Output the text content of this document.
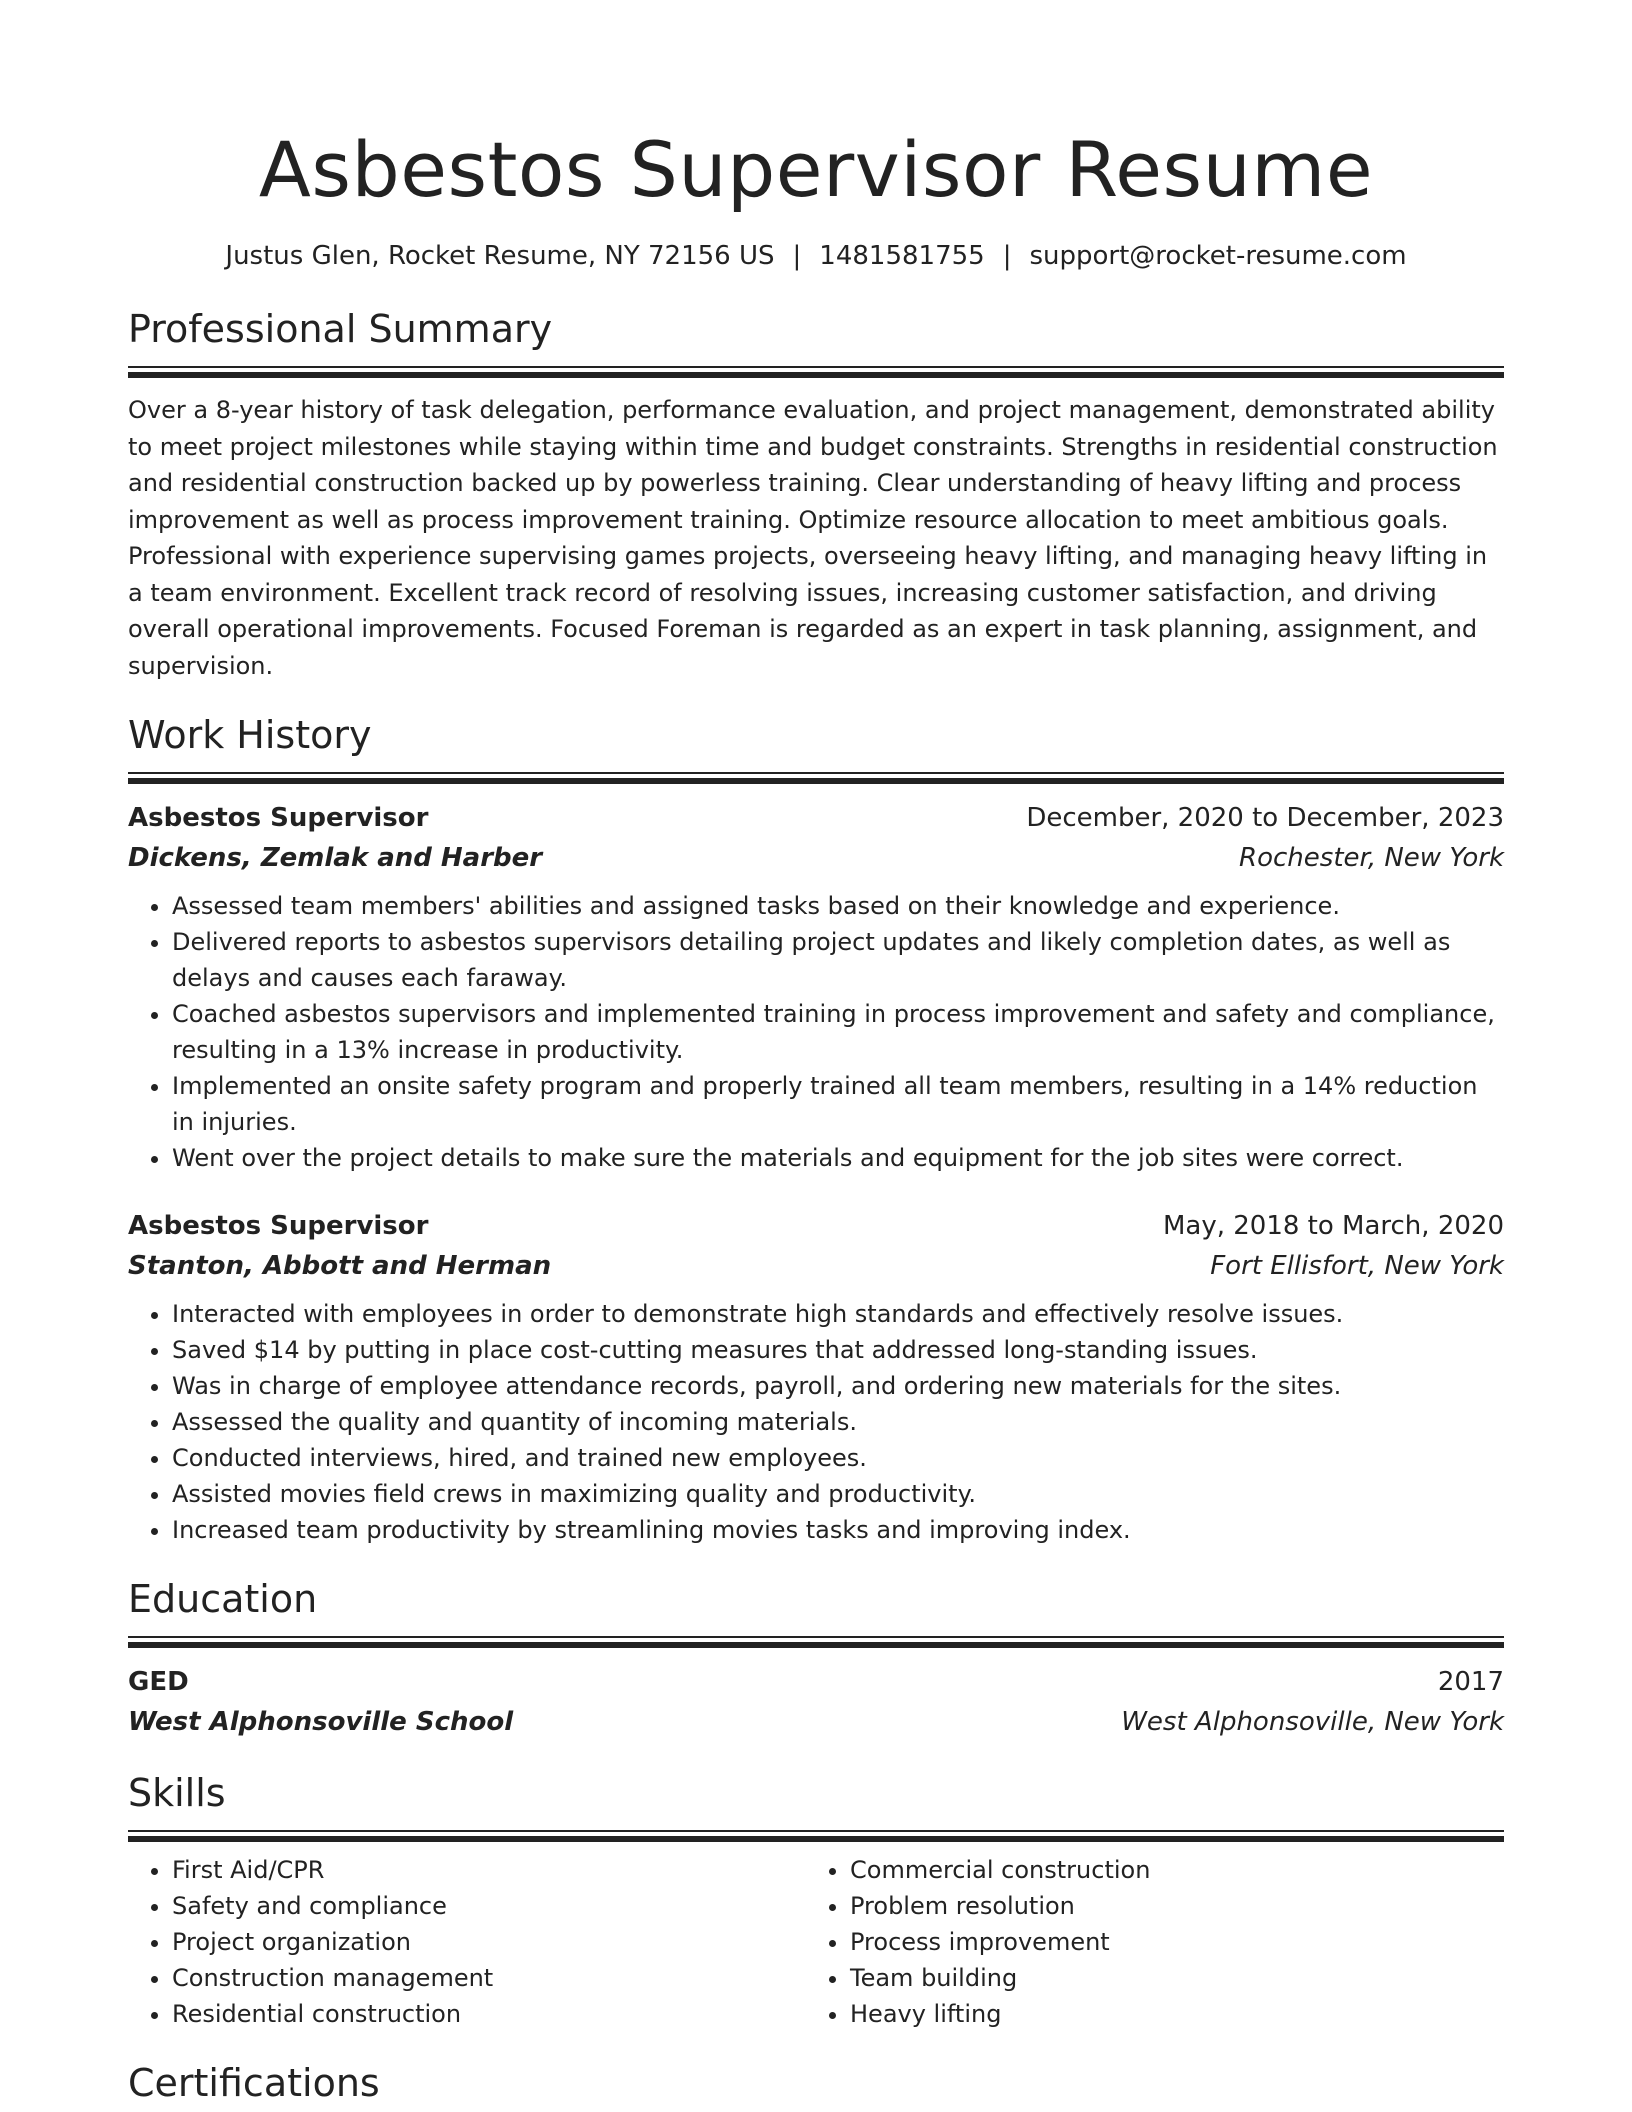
Asbestos Supervisor Resume
Justus Glen, Rocket Resume, NY 72156 US | 1481581755 | support@rocket-resume.com
Professional Summary
Over a 8-year history of task delegation, performance evaluation, and project management, demonstrated ability to meet project milestones while staying within time and budget constraints. Strengths in residential construction and residential construction backed up by powerless training. Clear understanding of heavy lifting and process improvement as well as process improvement training. Optimize resource allocation to meet ambitious goals. Professional with experience supervising games projects, overseeing heavy lifting, and managing heavy lifting in a team environment. Excellent track record of resolving issues, increasing customer satisfaction, and driving overall operational improvements. Focused Foreman is regarded as an expert in task planning, assignment, and supervision.
Work History
Asbestos Supervisor	December, 2020 to December, 2023
Dickens, Zemlak and Harber	Rochester, New York
• Assessed team members' abilities and assigned tasks based on their knowledge and experience.
• Delivered reports to asbestos supervisors detailing project updates and likely completion dates, as well as delays and causes each faraway.
• Coached asbestos supervisors and implemented training in process improvement and safety and compliance, resulting in a 13% increase in productivity.
• Implemented an onsite safety program and properly trained all team members, resulting in a 14% reduction in injuries.
• Went over the project details to make sure the materials and equipment for the job sites were correct.
Asbestos Supervisor	May, 2018 to March, 2020
Stanton, Abbott and Herman	Fort Ellisfort, New York
• Interacted with employees in order to demonstrate high standards and effectively resolve issues.
• Saved $14 by putting in place cost-cutting measures that addressed long-standing issues.
• Was in charge of employee attendance records, payroll, and ordering new materials for the sites.
• Assessed the quality and quantity of incoming materials.
• Conducted interviews, hired, and trained new employees.
• Assisted movies field crews in maximizing quality and productivity.
• Increased team productivity by streamlining movies tasks and improving index.
Education
GED	2017
West Alphonsoville School	West Alphonsoville, New York
Skills
• First Aid/CPR
• Safety and compliance
• Project organization
• Construction management
• Residential construction
• Commercial construction
• Problem resolution
• Process improvement
• Team building
• Heavy lifting
Certifications
